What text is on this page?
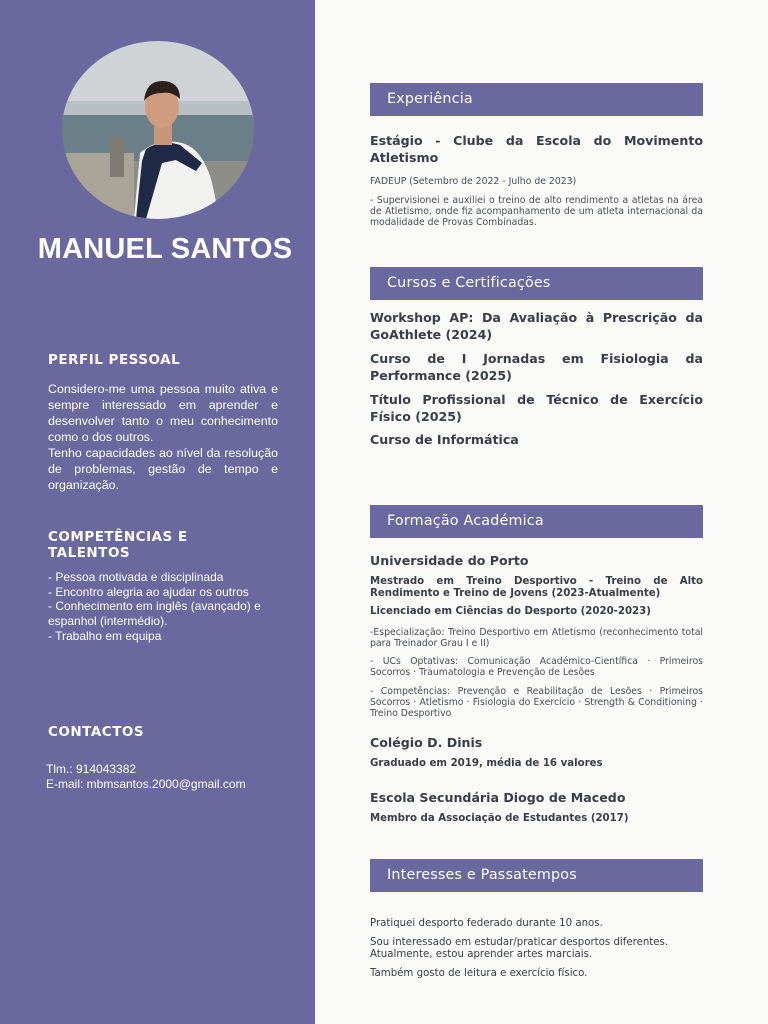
MANUEL SANTOS
PERFIL PESSOAL

Considero-me uma pessoa muito ativa e sempre interessado em aprender e desenvolver tanto o meu conhecimento como o dos outros.

Tenho capacidades ao nível da resolução de problemas, gestão de tempo e organização.

COMPETÊNCIAS E
TALENTOS
- Pessoa motivada e disciplinada
- Encontro alegria ao ajudar os outros
- Conhecimento em inglês (avançado) e espanhol (intermédio).
- Trabalho em equipa
CONTACTOS
Tlm.: 914043382
E-mail: mbmsantos.2000@gmail.com
Experiência
Estágio - Clube da Escola do Movimento Atletismo
FADEUP (Setembro de 2022 - Julho de 2023)
- Supervisionei e auxiliei o treino de alto rendimento a atletas na área de Atletismo, onde fiz acompanhamento de um atleta internacional da modalidade de Provas Combinadas.
Cursos e Certificações
Workshop AP: Da Avaliação à Prescrição da GoAthlete (2024)
Curso de I Jornadas em Fisiologia da Performance (2025)
Título Profissional de Técnico de Exercício Físico (2025)
Curso de Informática
Formação Académica
Universidade do Porto
Mestrado em Treino Desportivo - Treino de Alto Rendimento e Treino de Jovens (2023-Atualmente)
Licenciado em Ciências do Desporto (2020-2023)
-Especialização: Treino Desportivo em Atletismo (reconhecimento total para Treinador Grau I e II)
- UCs Optativas: Comunicação Académico-Científica · Primeiros Socorros · Traumatologia e Prevenção de Lesões
- Competências: Prevenção e Reabilitação de Lesões · Primeiros Socorros · Atletismo · Fisiologia do Exercício · Strength & Conditioning · Treino Desportivo
Colégio D. Dinis
Graduado em 2019, média de 16 valores
Escola Secundária Diogo de Macedo
Membro da Associação de Estudantes (2017)
Interesses e Passatempos
Pratiquei desporto federado durante 10 anos.
Sou interessado em estudar/praticar desportos diferentes. Atualmente, estou aprender artes marciais.
Também gosto de leitura e exercício físico.
